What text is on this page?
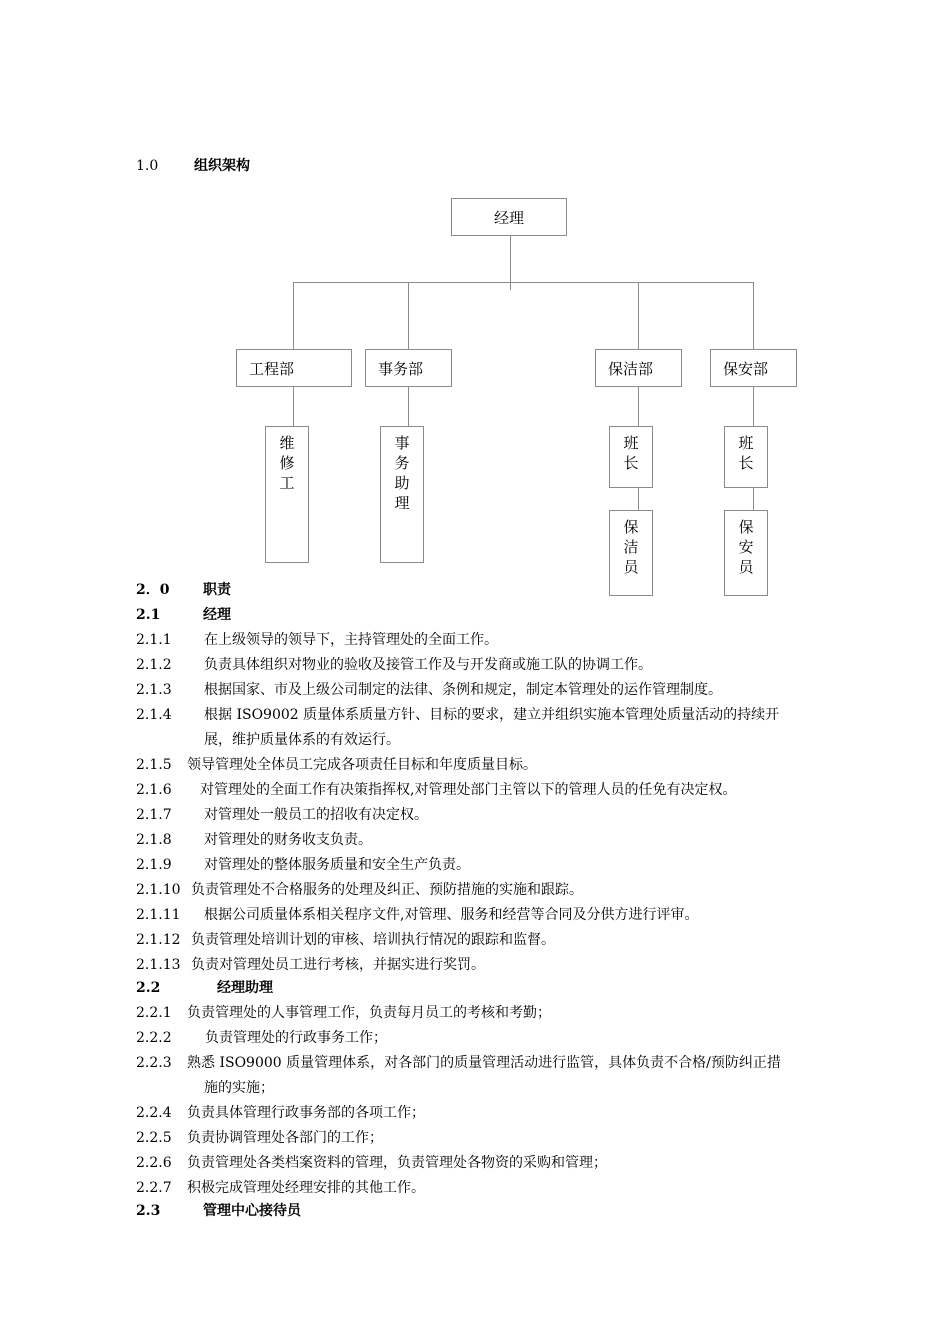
1.0	组织架构
经理
工程部	事务部	保洁部	保安部
维
修
工
事
务
助
理
班
长
班
长
保
洁
员
保
安
员
2．0 职责
2.1	经理
2.1.1 在上级领导的领导下，主持管理处的全面工作。
2.1.2 负责具体组织对物业的验收及接管工作及与开发商或施工队的协调工作。
2.1.3 根据国家、市及上级公司制定的法律、条例和规定，制定本管理处的运作管理制度。
2.1.4 根据 ISO9002 质量体系质量方针、目标的要求，建立并组织实施本管理处质量活动的持续开
展，维护质量体系的有效运行。
2.1.5 领导管理处全体员工完成各项责任目标和年度质量目标。
2.1.6 对管理处的全面工作有决策指挥权,对管理处部门主管以下的管理人员的任免有决定权。
2.1.7 对管理处一般员工的招收有决定权。
2.1.8 对管理处的财务收支负责。
2.1.9 对管理处的整体服务质量和安全生产负责。
2.1.10 负责管理处不合格服务的处理及纠正、预防措施的实施和跟踪。
2.1.11 根据公司质量体系相关程序文件,对管理、服务和经营等合同及分供方进行评审。
2.1.12 负责管理处培训计划的审核、培训执行情况的跟踪和监督。
2.1.13 负责对管理处员工进行考核，并据实进行奖罚。
2.2	经理助理
2.2.1 负责管理处的人事管理工作，负责每月员工的考核和考勤；
2.2.2 负责管理处的行政事务工作；
2.2.3 熟悉 ISO9000 质量管理体系，对各部门的质量管理活动进行监管，具体负责不合格/预防纠正措
施的实施；
2.2.4 负责具体管理行政事务部的各项工作；
2.2.5 负责协调管理处各部门的工作；
2.2.6 负责管理处各类档案资料的管理，负责管理处各物资的采购和管理；
2.2.7 积极完成管理处经理安排的其他工作。
2.3	管理中心接待员
